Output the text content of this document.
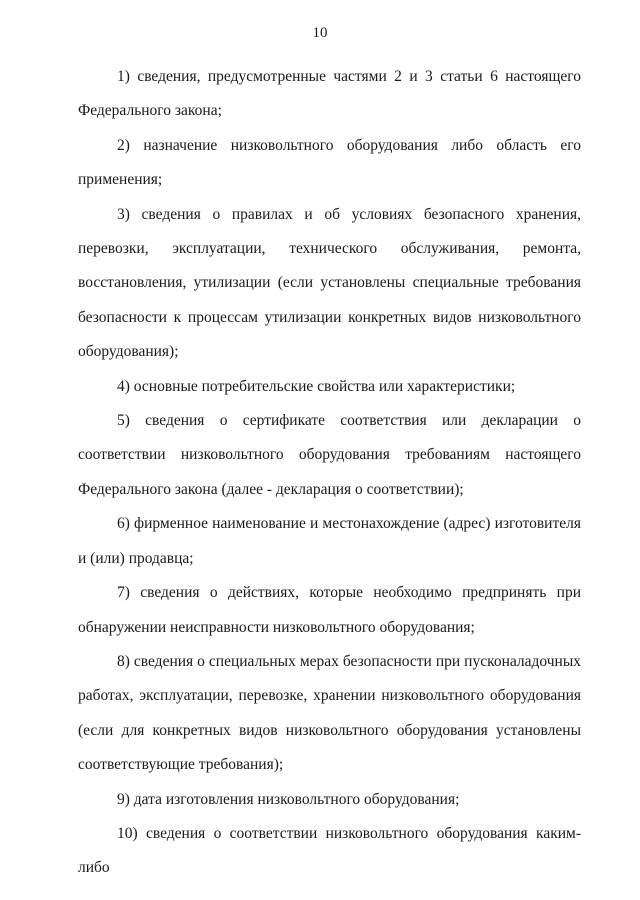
10

1) сведения, предусмотренные частями 2 и 3 статьи 6 настоящего Федерального закона;

2) назначение низковольтного оборудования либо область его применения;

3) сведения о правилах и об условиях безопасного хранения, перевозки, эксплуатации, технического обслуживания, ремонта, восстановления, утилизации (если установлены специальные требования безопасности к процессам утилизации конкретных видов низковольтного оборудования);

4) основные потребительские свойства или характеристики;

5) сведения о сертификате соответствия или декларации о соответствии низковольтного оборудования требованиям настоящего Федерального закона (далее - декларация о соответствии);

6) фирменное наименование и местонахождение (адрес) изготовителя и (или) продавца;

7) сведения о действиях, которые необходимо предпринять при обнаружении неисправности низковольтного оборудования;

8) сведения о специальных мерах безопасности при пусконаладочных работах, эксплуатации, перевозке, хранении низковольтного оборудования (если для конкретных видов низковольтного оборудования установлены соответствующие требования);

9) дата изготовления низковольтного оборудования;

10) сведения о соответствии низковольтного оборудования каким-либо
